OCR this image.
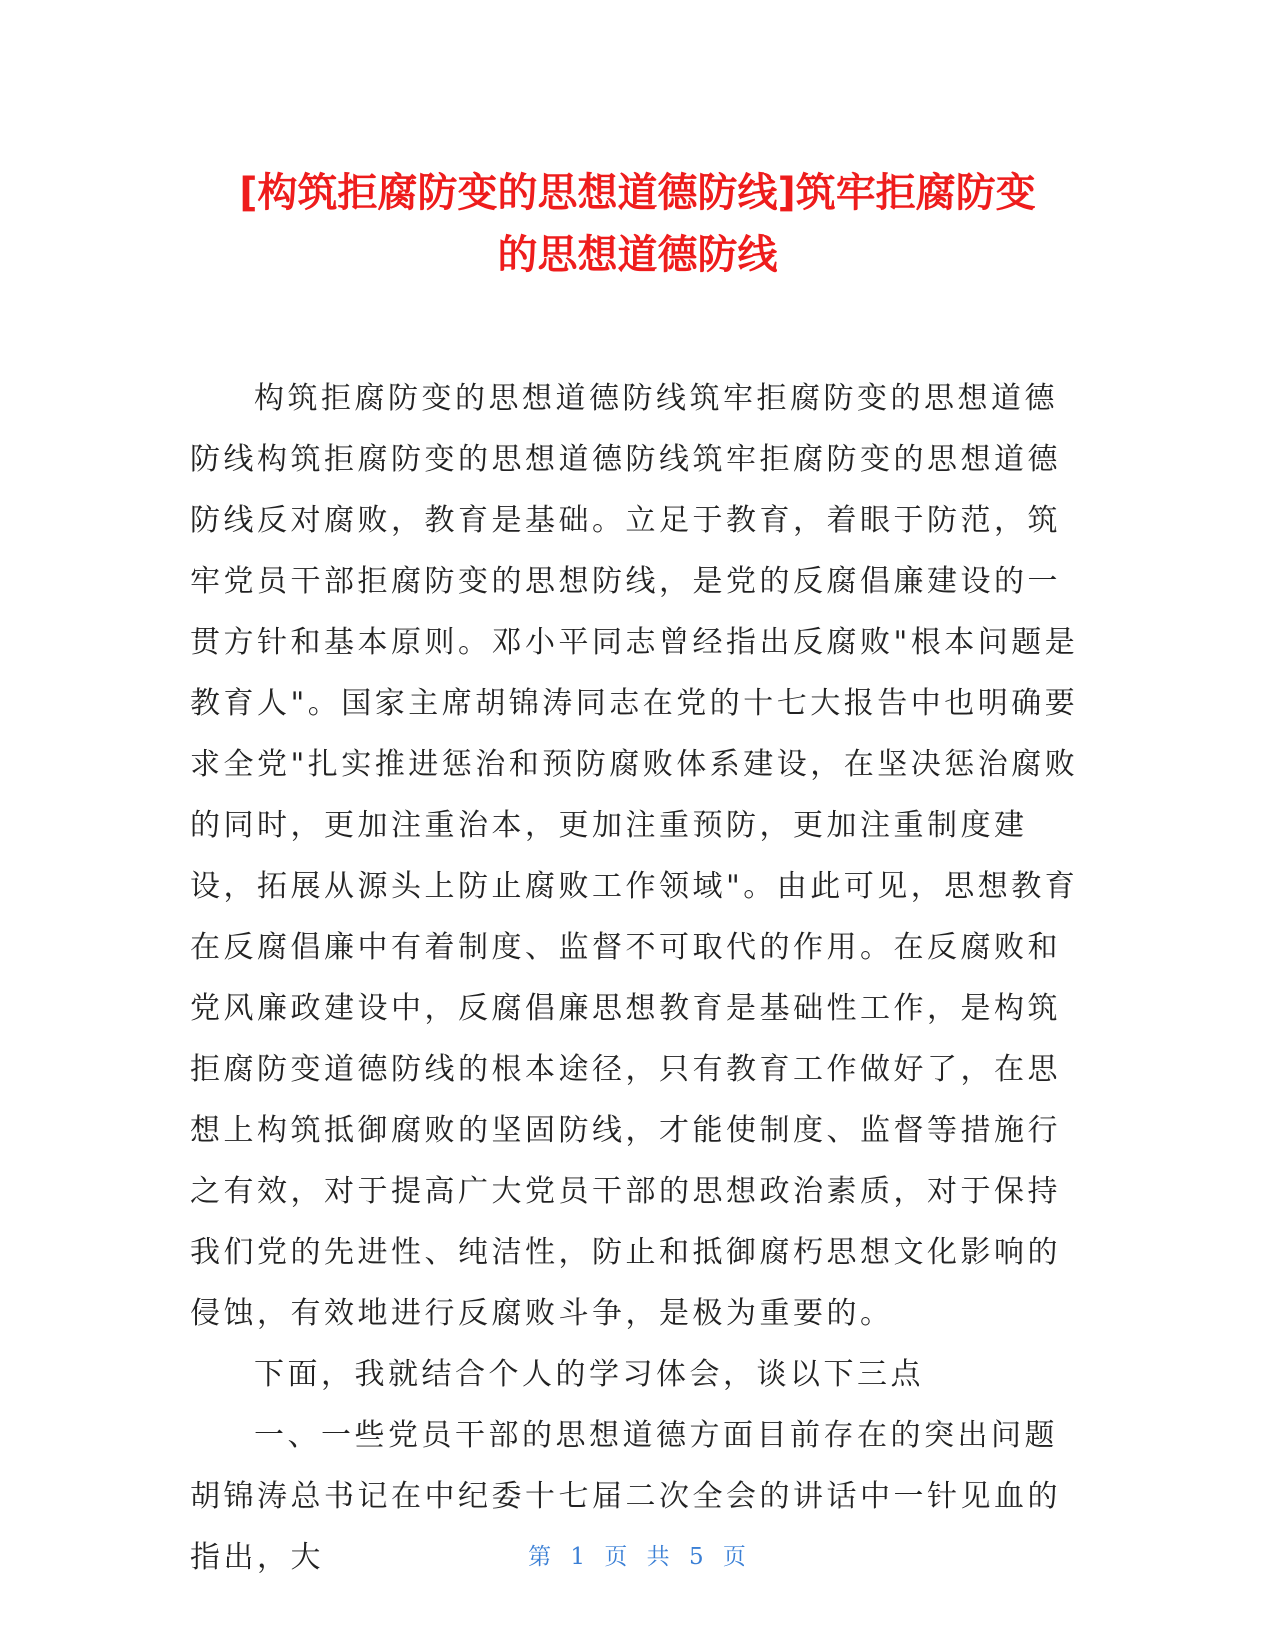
[构筑拒腐防变的思想道德防线]筑牢拒腐防变
的思想道德防线

构筑拒腐防变的思想道德防线筑牢拒腐防变的思想道德防线构筑拒腐防变的思想道德防线筑牢拒腐防变的思想道德防线反对腐败，教育是基础。立足于教育，着眼于防范，筑牢党员干部拒腐防变的思想防线，是党的反腐倡廉建设的一贯方针和基本原则。邓小平同志曾经指出反腐败"根本问题是教育人"。国家主席胡锦涛同志在党的十七大报告中也明确要求全党"扎实推进惩治和预防腐败体系建设，在坚决惩治腐败的同时，更加注重治本，更加注重预防，更加注重制度建设，拓展从源头上防止腐败工作领域"。由此可见，思想教育在反腐倡廉中有着制度、监督不可取代的作用。在反腐败和党风廉政建设中，反腐倡廉思想教育是基础性工作，是构筑拒腐防变道德防线的根本途径，只有教育工作做好了，在思想上构筑抵御腐败的坚固防线，才能使制度、监督等措施行之有效，对于提高广大党员干部的思想政治素质，对于保持我们党的先进性、纯洁性，防止和抵御腐朽思想文化影响的侵蚀，有效地进行反腐败斗争，是极为重要的。

下面，我就结合个人的学习体会，谈以下三点

一、一些党员干部的思想道德方面目前存在的突出问题胡锦涛总书记在中纪委十七届二次全会的讲话中一针见血的指出，大	第 1 页 共 5 页
